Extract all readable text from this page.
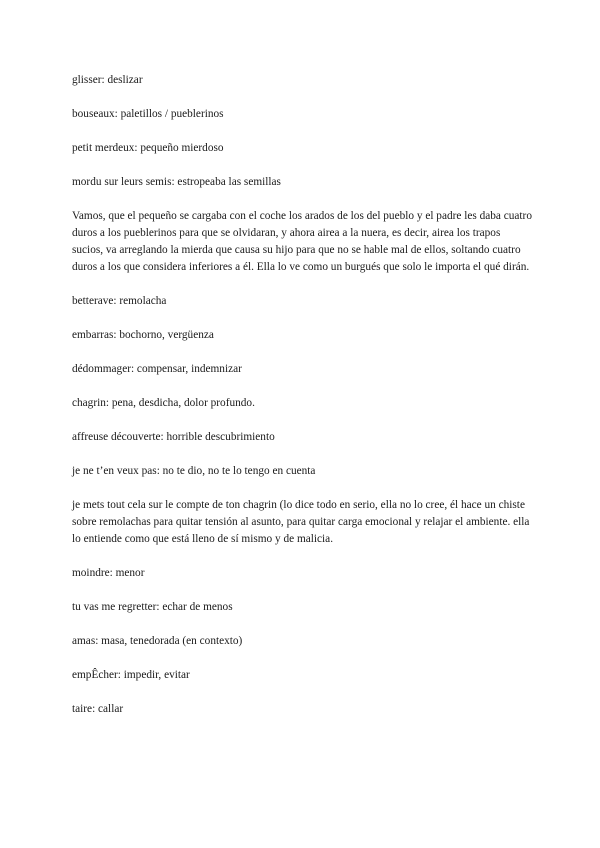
glisser: deslizar

bouseaux: paletillos / pueblerinos

petit merdeux: pequeño mierdoso

mordu sur leurs semis: estropeaba las semillas

Vamos, que el pequeño se cargaba con el coche los arados de los del pueblo y el padre les daba cuatro duros a los pueblerinos para que se olvidaran, y ahora airea a la nuera, es decir, airea los trapos sucios, va arreglando la mierda que causa su hijo para que no se hable mal de ellos, soltando cuatro duros a los que considera inferiores a él. Ella lo ve como un burgués que solo le importa el qué dirán.

betterave: remolacha

embarras: bochorno, vergüenza

dédommager: compensar, indemnizar

chagrin: pena, desdicha, dolor profundo.

affreuse découverte: horrible descubrimiento

je ne t’en veux pas: no te dio, no te lo tengo en cuenta

je mets tout cela sur le compte de ton chagrin (lo dice todo en serio, ella no lo cree, él hace un chiste sobre remolachas para quitar tensión al asunto, para quitar carga emocional y relajar el ambiente. ella lo entiende como que está lleno de sí mismo y de malicia.

moindre: menor

tu vas me regretter: echar de menos

amas: masa, tenedorada (en contexto)

empÊcher: impedir, evitar

taire: callar
